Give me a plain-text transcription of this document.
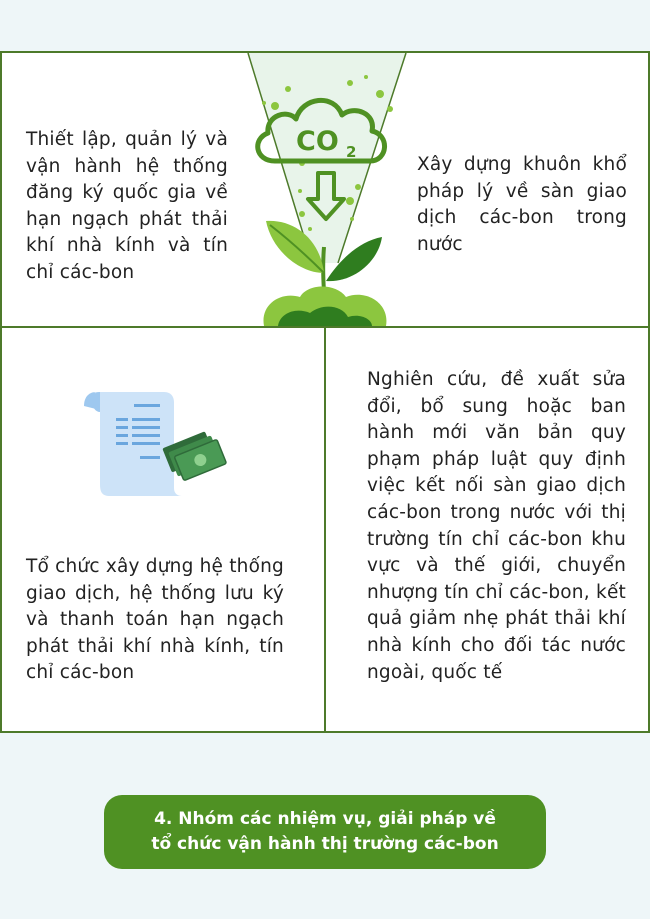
Thiết lập, quản lý và vận hành hệ thống đăng ký quốc gia về hạn ngạch phát thải khí nhà kính và tín chỉ các-bon
Xây dựng khuôn khổ pháp lý về sàn giao dịch các-bon trong nước
Tổ chức xây dựng hệ thống giao dịch, hệ thống lưu ký và thanh toán hạn ngạch phát thải khí nhà kính, tín chỉ các-bon
Nghiên cứu, đề xuất sửa đổi, bổ sung hoặc ban hành mới văn bản quy phạm pháp luật quy định việc kết nối sàn giao dịch các-bon trong nước với thị trường tín chỉ các-bon khu vực và thế giới, chuyển nhượng tín chỉ các-bon, kết quả giảm nhẹ phát thải khí nhà kính cho đối tác nước ngoài, quốc tế
CO 2
4. Nhóm các nhiệm vụ, giải pháp về
tổ chức vận hành thị trường các-bon
